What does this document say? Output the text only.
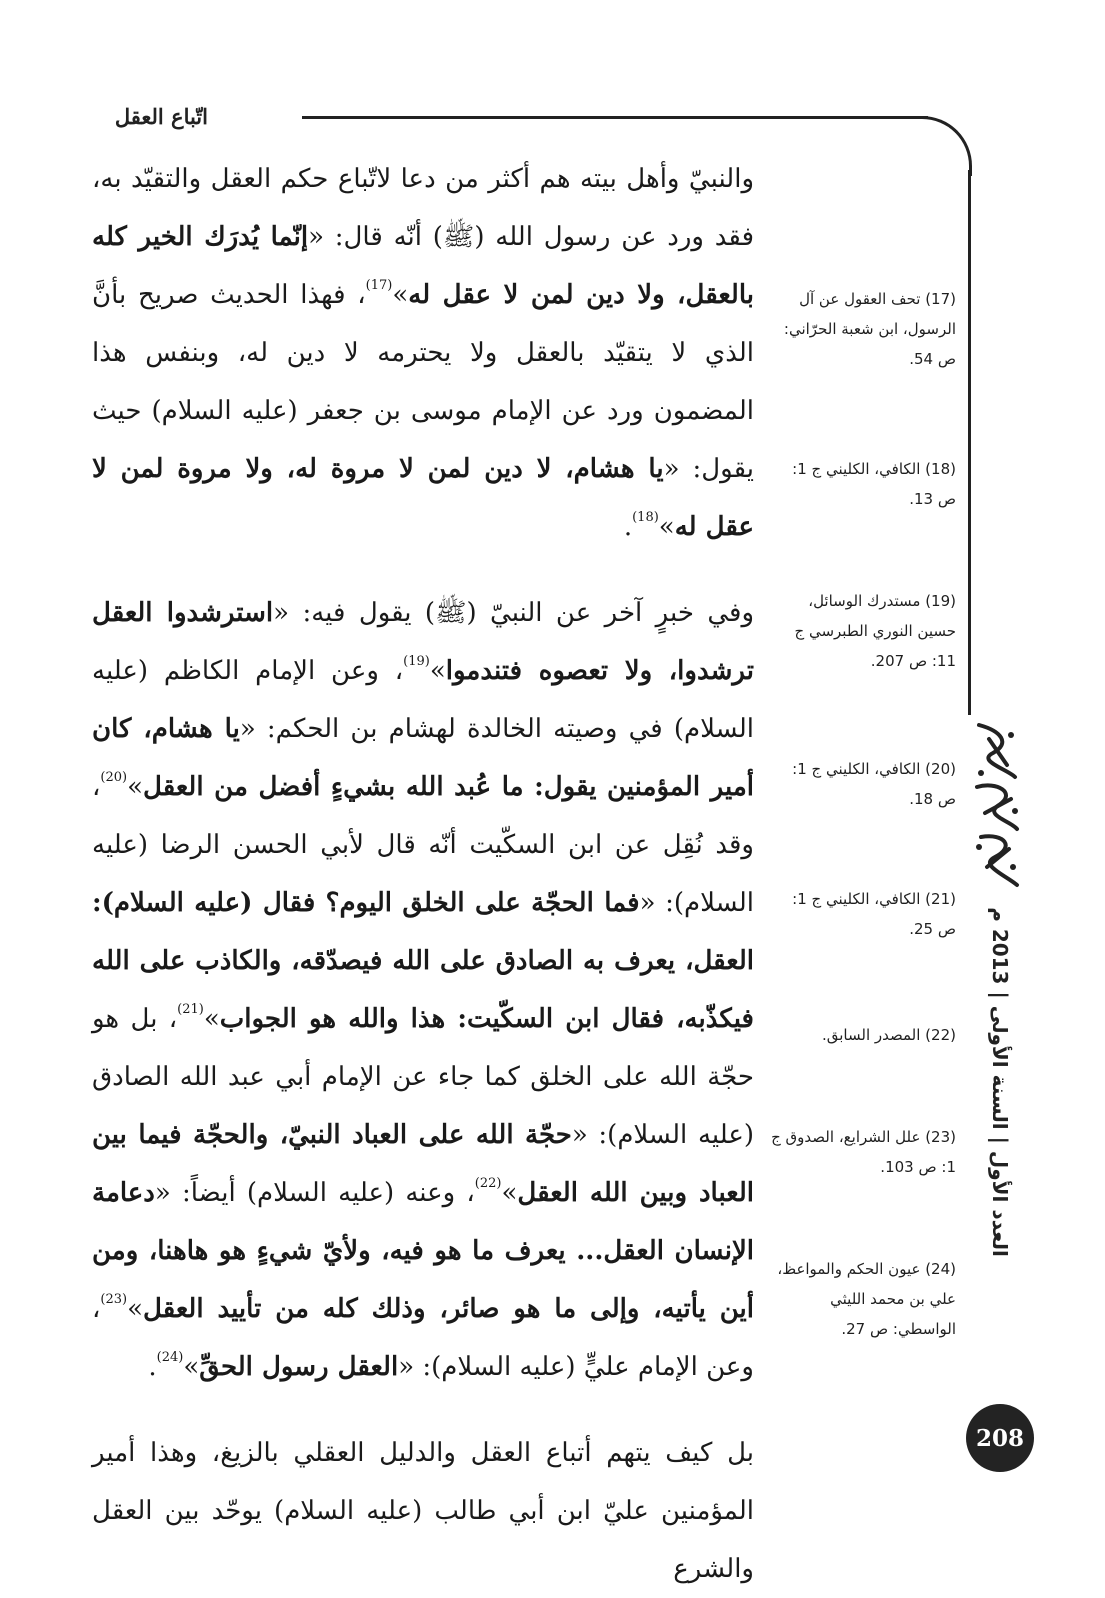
اتّباع العقل

والنبيّ وأهل بيته هم أكثر من دعا لاتّباع حكم العقل والتقيّد به، فقد ورد عن رسول الله (ﷺ) أنّه قال: «إنّما يُدرَك الخير كله بالعقل، ولا دين لمن لا عقل له»$^{(17)}$، فهذا الحديث صريح بأنَّ الذي لا يتقيّد بالعقل ولا يحترمه لا دين له، وبنفس هذا المضمون ورد عن الإمام موسى بن جعفر (عليه السلام) حيث يقول: «يا هشام، لا دين لمن لا مروة له، ولا مروة لمن لا عقل له»$^{(18)}$.

وفي خبرٍ آخر عن النبيّ (ﷺ) يقول فيه: «استرشدوا العقل ترشدوا، ولا تعصوه فتندموا»$^{(19)}$، وعن الإمام الكاظم (عليه السلام) في وصيته الخالدة لهشام بن الحكم: «يا هشام، كان أمير المؤمنين يقول: ما عُبد الله بشيءٍ أفضل من العقل»$^{(20)}$، وقد نُقِل عن ابن السكّيت أنّه قال لأبي الحسن الرضا (عليه السلام): «فما الحجّة على الخلق اليوم؟ فقال (عليه السلام): العقل، يعرف به الصادق على الله فيصدّقه، والكاذب على الله فيكذّبه، فقال ابن السكّيت: هذا والله هو الجواب»$^{(21)}$، بل هو حجّة الله على الخلق كما جاء عن الإمام أبي عبد الله الصادق (عليه السلام): «حجّة الله على العباد النبيّ، والحجّة فيما بين العباد وبين الله العقل»$^{(22)}$، وعنه (عليه السلام) أيضاً: «دعامة الإنسان العقل... يعرف ما هو فيه، ولأيّ شيءٍ هو هاهنا، ومن أين يأتيه، وإلى ما هو صائر، وذلك كله من تأييد العقل»$^{(23)}$، وعن الإمام عليٍّ (عليه السلام): «العقل رسول الحقِّ»$^{(24)}$.

بل كيف يتهم أتباع العقل والدليل العقلي بالزيغ، وهذا أمير المؤمنين عليّ ابن أبي طالب (عليه السلام) يوحّد بين العقل والشرع

(17) تحف العقول عن آل الرسول، ابن شعبة الحرّاني: ص 54.
(18) الكافي، الكليني ج 1: ص 13.
(19) مستدرك الوسائل، حسين النوري الطبرسي ج 11: ص 207.
(20) الكافي، الكليني ج 1: ص 18.
(21) الكافي، الكليني ج 1: ص 25.
(22) المصدر السابق.
(23) علل الشرايع، الصدوق ج 1: ص 103.
(24) عيون الحكم والمواعظ، علي بن محمد الليثي الواسطي: ص 27.
العدد الأول | السنة الأولى | 2013 م
208
